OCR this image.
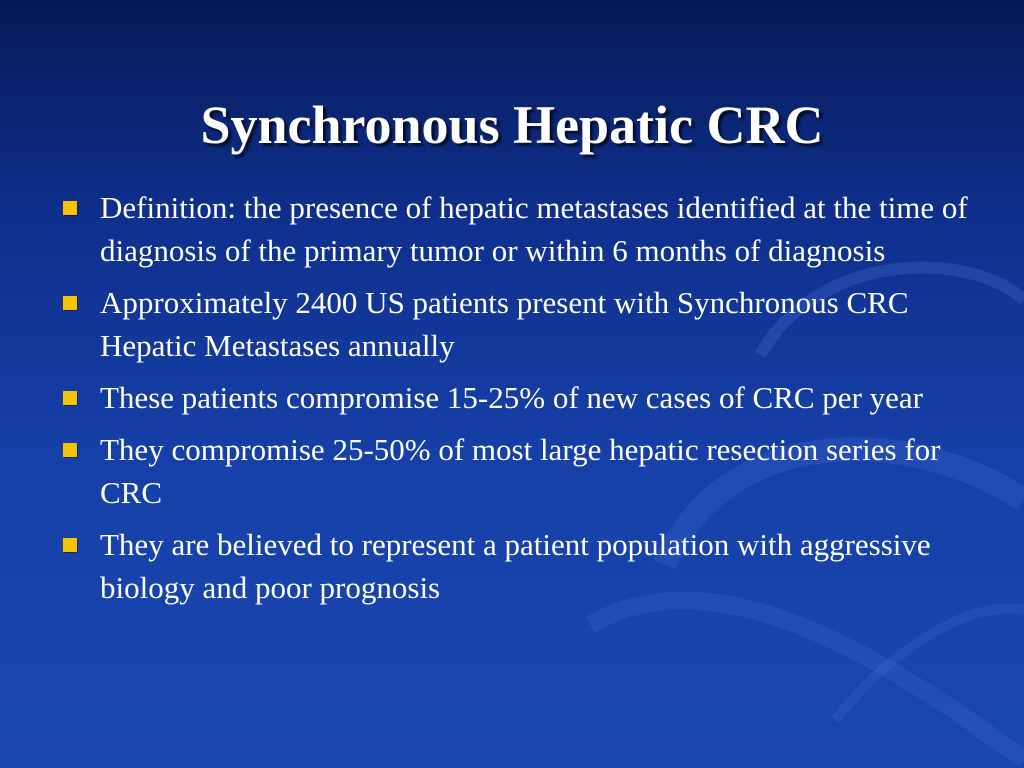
Synchronous Hepatic CRC
Definition: the presence of hepatic metastases identified at the time of diagnosis of the primary tumor or within 6 months of diagnosis
Approximately 2400 US patients present with Synchronous CRC Hepatic Metastases annually
These patients compromise 15-25% of new cases of CRC per year
They compromise 25-50% of most large hepatic resection series for CRC
They are believed to represent a patient population with aggressive biology and poor prognosis
